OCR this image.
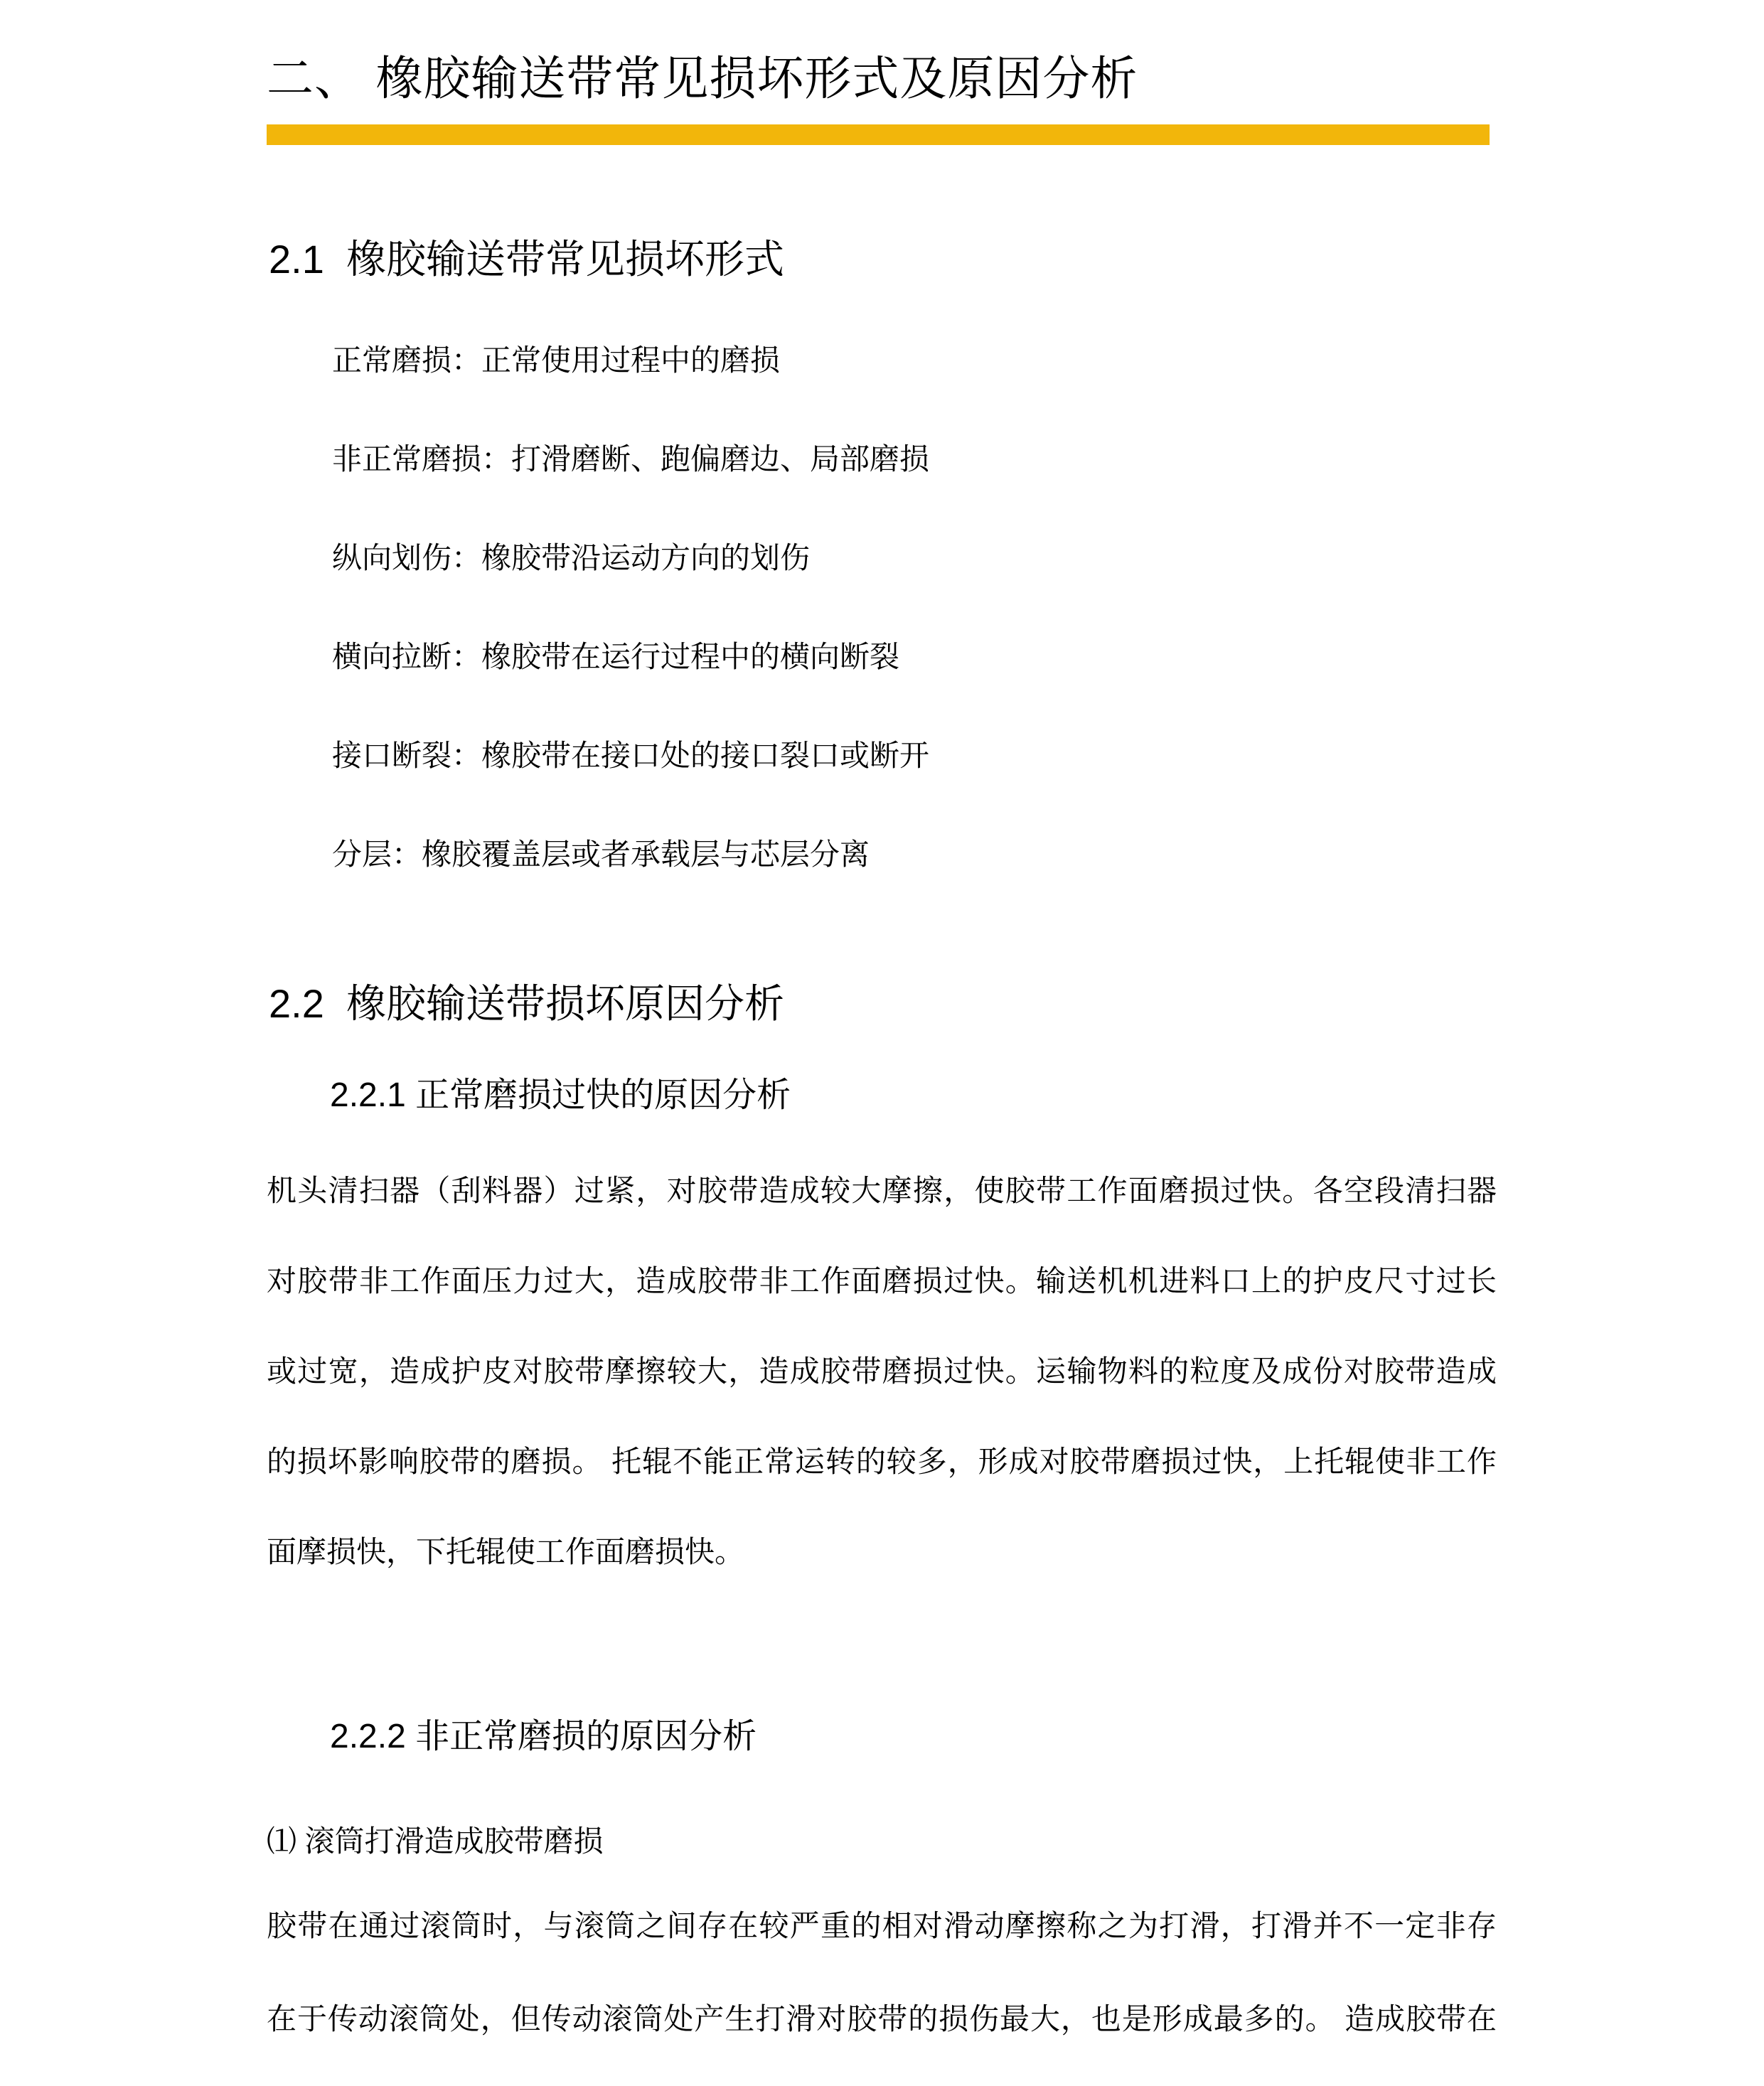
二、 橡胶输送带常见损坏形式及原因分析
2.1  橡胶输送带常见损坏形式
正常磨损：正常使用过程中的磨损
非正常磨损：打滑磨断、跑偏磨边、局部磨损
纵向划伤：橡胶带沿运动方向的划伤
横向拉断：橡胶带在运行过程中的横向断裂
接口断裂：橡胶带在接口处的接口裂口或断开
分层：橡胶覆盖层或者承载层与芯层分离
2.2  橡胶输送带损坏原因分析
2.2.1 正常磨损过快的原因分析
机头清扫器（刮料器）过紧，对胶带造成较大摩擦，使胶带工作面磨损过快。各空段清扫器
对胶带非工作面压力过大，造成胶带非工作面磨损过快。输送机机进料口上的护皮尺寸过长
或过宽，造成护皮对胶带摩擦较大，造成胶带磨损过快。运输物料的粒度及成份对胶带造成
的损坏影响胶带的磨损。 托辊不能正常运转的较多，形成对胶带磨损过快，上托辊使非工作
面摩损快，下托辊使工作面磨损快。
2.2.2 非正常磨损的原因分析
⑴ 滚筒打滑造成胶带磨损
胶带在通过滚筒时，与滚筒之间存在较严重的相对滑动摩擦称之为打滑，打滑并不一定非存
在于传动滚筒处，但传动滚筒处产生打滑对胶带的损伤最大，也是形成最多的。 造成胶带在
